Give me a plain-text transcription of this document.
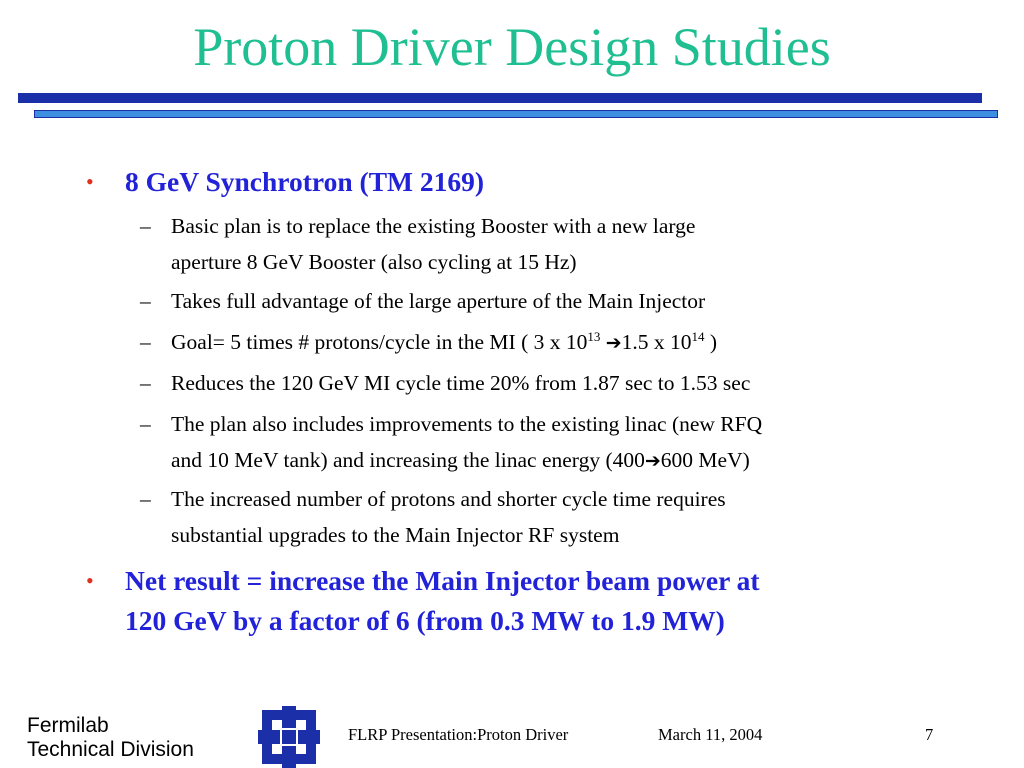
Proton Driver Design Studies
• 8 GeV Synchrotron (TM 2169)
– Basic plan is to replace the existing Booster with a new large
aperture 8 GeV Booster (also cycling at 15 Hz)
– Takes full advantage of the large aperture of the Main Injector
– Goal= 5 times # protons/cycle in the MI ( 3 x $10^{13}$ ➔1.5 x $10^{14}$ )
– Reduces the 120 GeV MI cycle time 20% from 1.87 sec to 1.53 sec
– The plan also includes improvements to the existing linac (new RFQ
and 10 MeV tank) and increasing the linac energy (400➔600 MeV)
– The increased number of protons and shorter cycle time requires
substantial upgrades to the Main Injector RF system
• Net result = increase the Main Injector beam power at
120 GeV by a factor of 6 (from 0.3 MW to 1.9 MW)
Fermilab
Technical Division
FLRP Presentation:Proton Driver	March 11, 2004	7
